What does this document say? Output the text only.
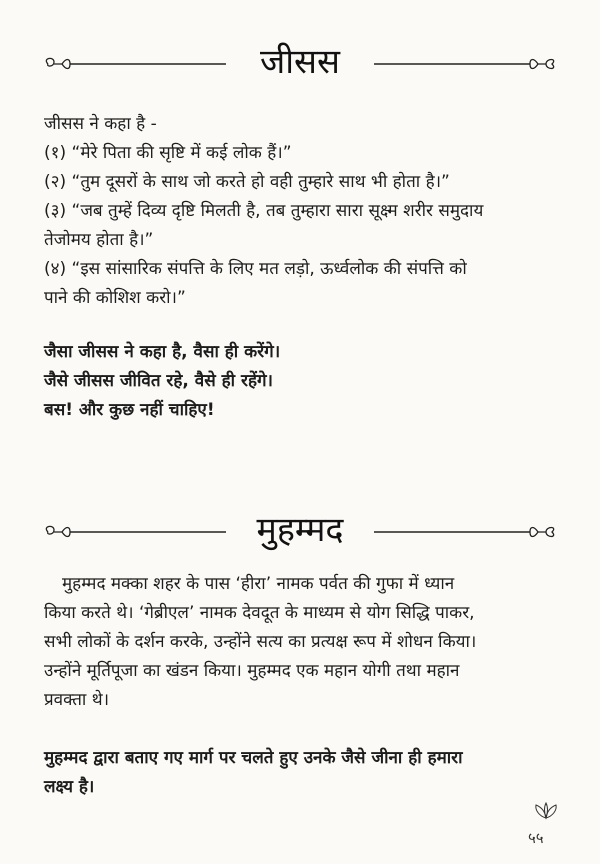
जीसस
जीसस ने कहा है -
(१) “मेरे पिता की सृष्टि में कई लोक हैं।”
(२) “तुम दूसरों के साथ जो करते हो वही तुम्हारे साथ भी होता है।”
(३) “जब तुम्हें दिव्य दृष्टि मिलती है, तब तुम्हारा सारा सूक्ष्म शरीर समुदाय
तेजोमय होता है।”
(४) “इस सांसारिक संपत्ति के लिए मत लड़ो, ऊर्ध्वलोक की संपत्ति को
पाने की कोशिश करो।”
जैसा जीसस ने कहा है, वैसा ही करेंगे।
जैसे जीसस जीवित रहे, वैसे ही रहेंगे।
बस! और कुछ नहीं चाहिए!
मुहम्मद
मुहम्मद मक्का शहर के पास ‘हीरा’ नामक पर्वत की गुफा में ध्यान
किया करते थे। ‘गेब्रीएल’ नामक देवदूत के माध्यम से योग सिद्धि पाकर,
सभी लोकों के दर्शन करके, उन्होंने सत्य का प्रत्यक्ष रूप में शोधन किया।
उन्होंने मूर्तिपूजा का खंडन किया। मुहम्मद एक महान योगी तथा महान
प्रवक्ता थे।
मुहम्मद द्वारा बताए गए मार्ग पर चलते हुए उनके जैसे जीना ही हमारा
लक्ष्य है।
५५
